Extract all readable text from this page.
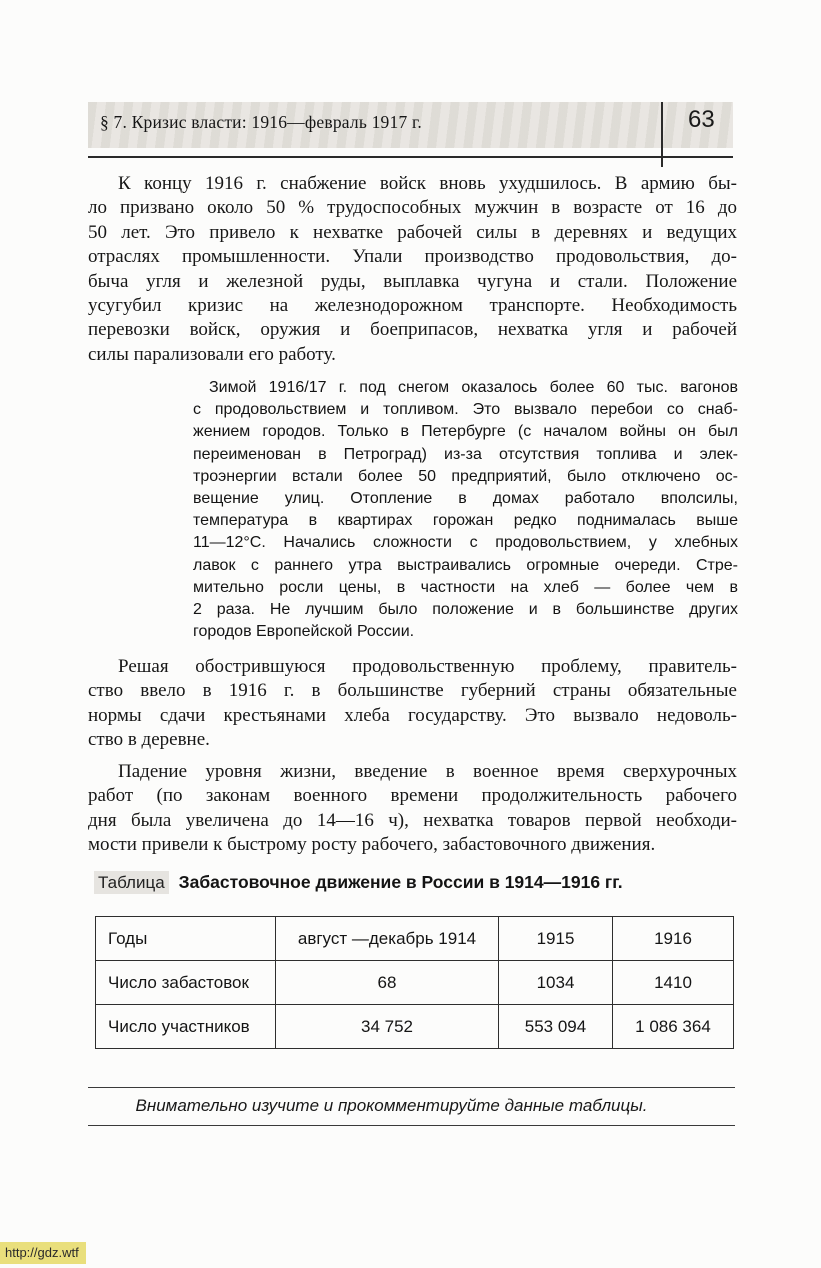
§ 7. Кризис власти: 1916—февраль 1917 г.	63
К концу 1916 г. снабжение войск вновь ухудшилось. В армию бы-
ло призвано около 50 % трудоспособных мужчин в возрасте от 16 до
50 лет. Это привело к нехватке рабочей силы в деревнях и ведущих
отраслях промышленности. Упали производство продовольствия, до-
быча угля и железной руды, выплавка чугуна и стали. Положение
усугубил кризис на железнодорожном транспорте. Необходимость
перевозки войск, оружия и боеприпасов, нехватка угля и рабочей
силы парализовали его работу.
Зимой 1916/17 г. под снегом оказалось более 60 тыс. вагонов
с продовольствием и топливом. Это вызвало перебои со снаб-
жением городов. Только в Петербурге (с началом войны он был
переименован в Петроград) из-за отсутствия топлива и элек-
троэнергии встали более 50 предприятий, было отключено ос-
вещение улиц. Отопление в домах работало вполсилы,
температура в квартирах горожан редко поднималась выше
11—12°С. Начались сложности с продовольствием, у хлебных
лавок с раннего утра выстраивались огромные очереди. Стре-
мительно росли цены, в частности на хлеб — более чем в
2 раза. Не лучшим было положение и в большинстве других
городов Европейской России.
Решая обострившуюся продовольственную проблему, правитель-
ство ввело в 1916 г. в большинстве губерний страны обязательные
нормы сдачи крестьянами хлеба государству. Это вызвало недоволь-
ство в деревне.
Падение уровня жизни, введение в военное время сверхурочных
работ (по законам военного времени продолжительность рабочего
дня была увеличена до 14—16 ч), нехватка товаров первой необходи-
мости привели к быстрому росту рабочего, забастовочного движения.
Таблица Забастовочное движение в России в 1914—1916 гг.
Годы	август —декабрь 1914	1915	1916
Число забастовок	68	1034	1410
Число участников	34 752	553 094	1 086 364
Внимательно изучите и прокомментируйте данные таблицы.
http://gdz.wtf
